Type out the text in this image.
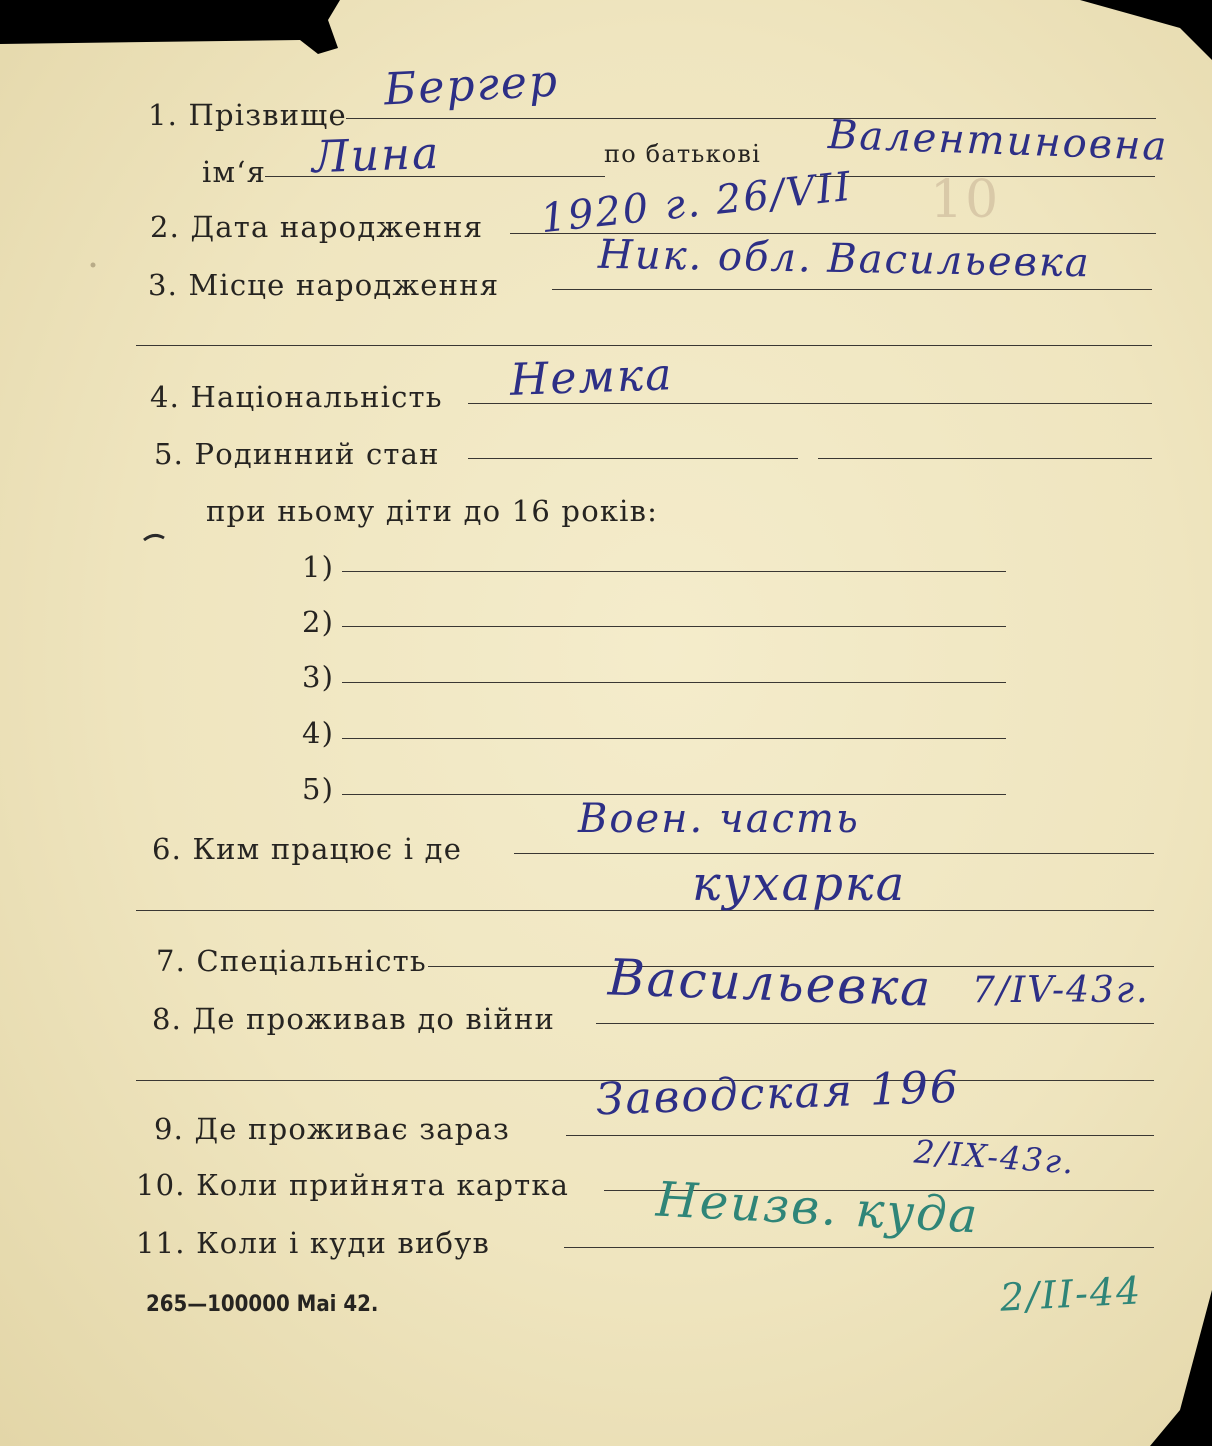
1. Прізвище
ім‘я
по батькові
2. Дата народження
3. Місце народження
4. Національність
5. Родинний стан
при ньому діти до 16 років:
1)
2)
3)
4)
5)
6. Ким працює і де
7. Спеціальність
8. Де проживав до війни
9. Де проживає зараз
10. Коли прийнята картка
11. Коли і куди вибув
265—100000 Маі 42.
Бергер
Лина	Валентиновна
10
1920 г. 26/VII
Ник. обл. Васильевка
Немка
Воен. часть
кухарка
Васильевка 7/IV-43г.
Заводская 196
2/IX-43г.
Неизв. куда
2/II-44
